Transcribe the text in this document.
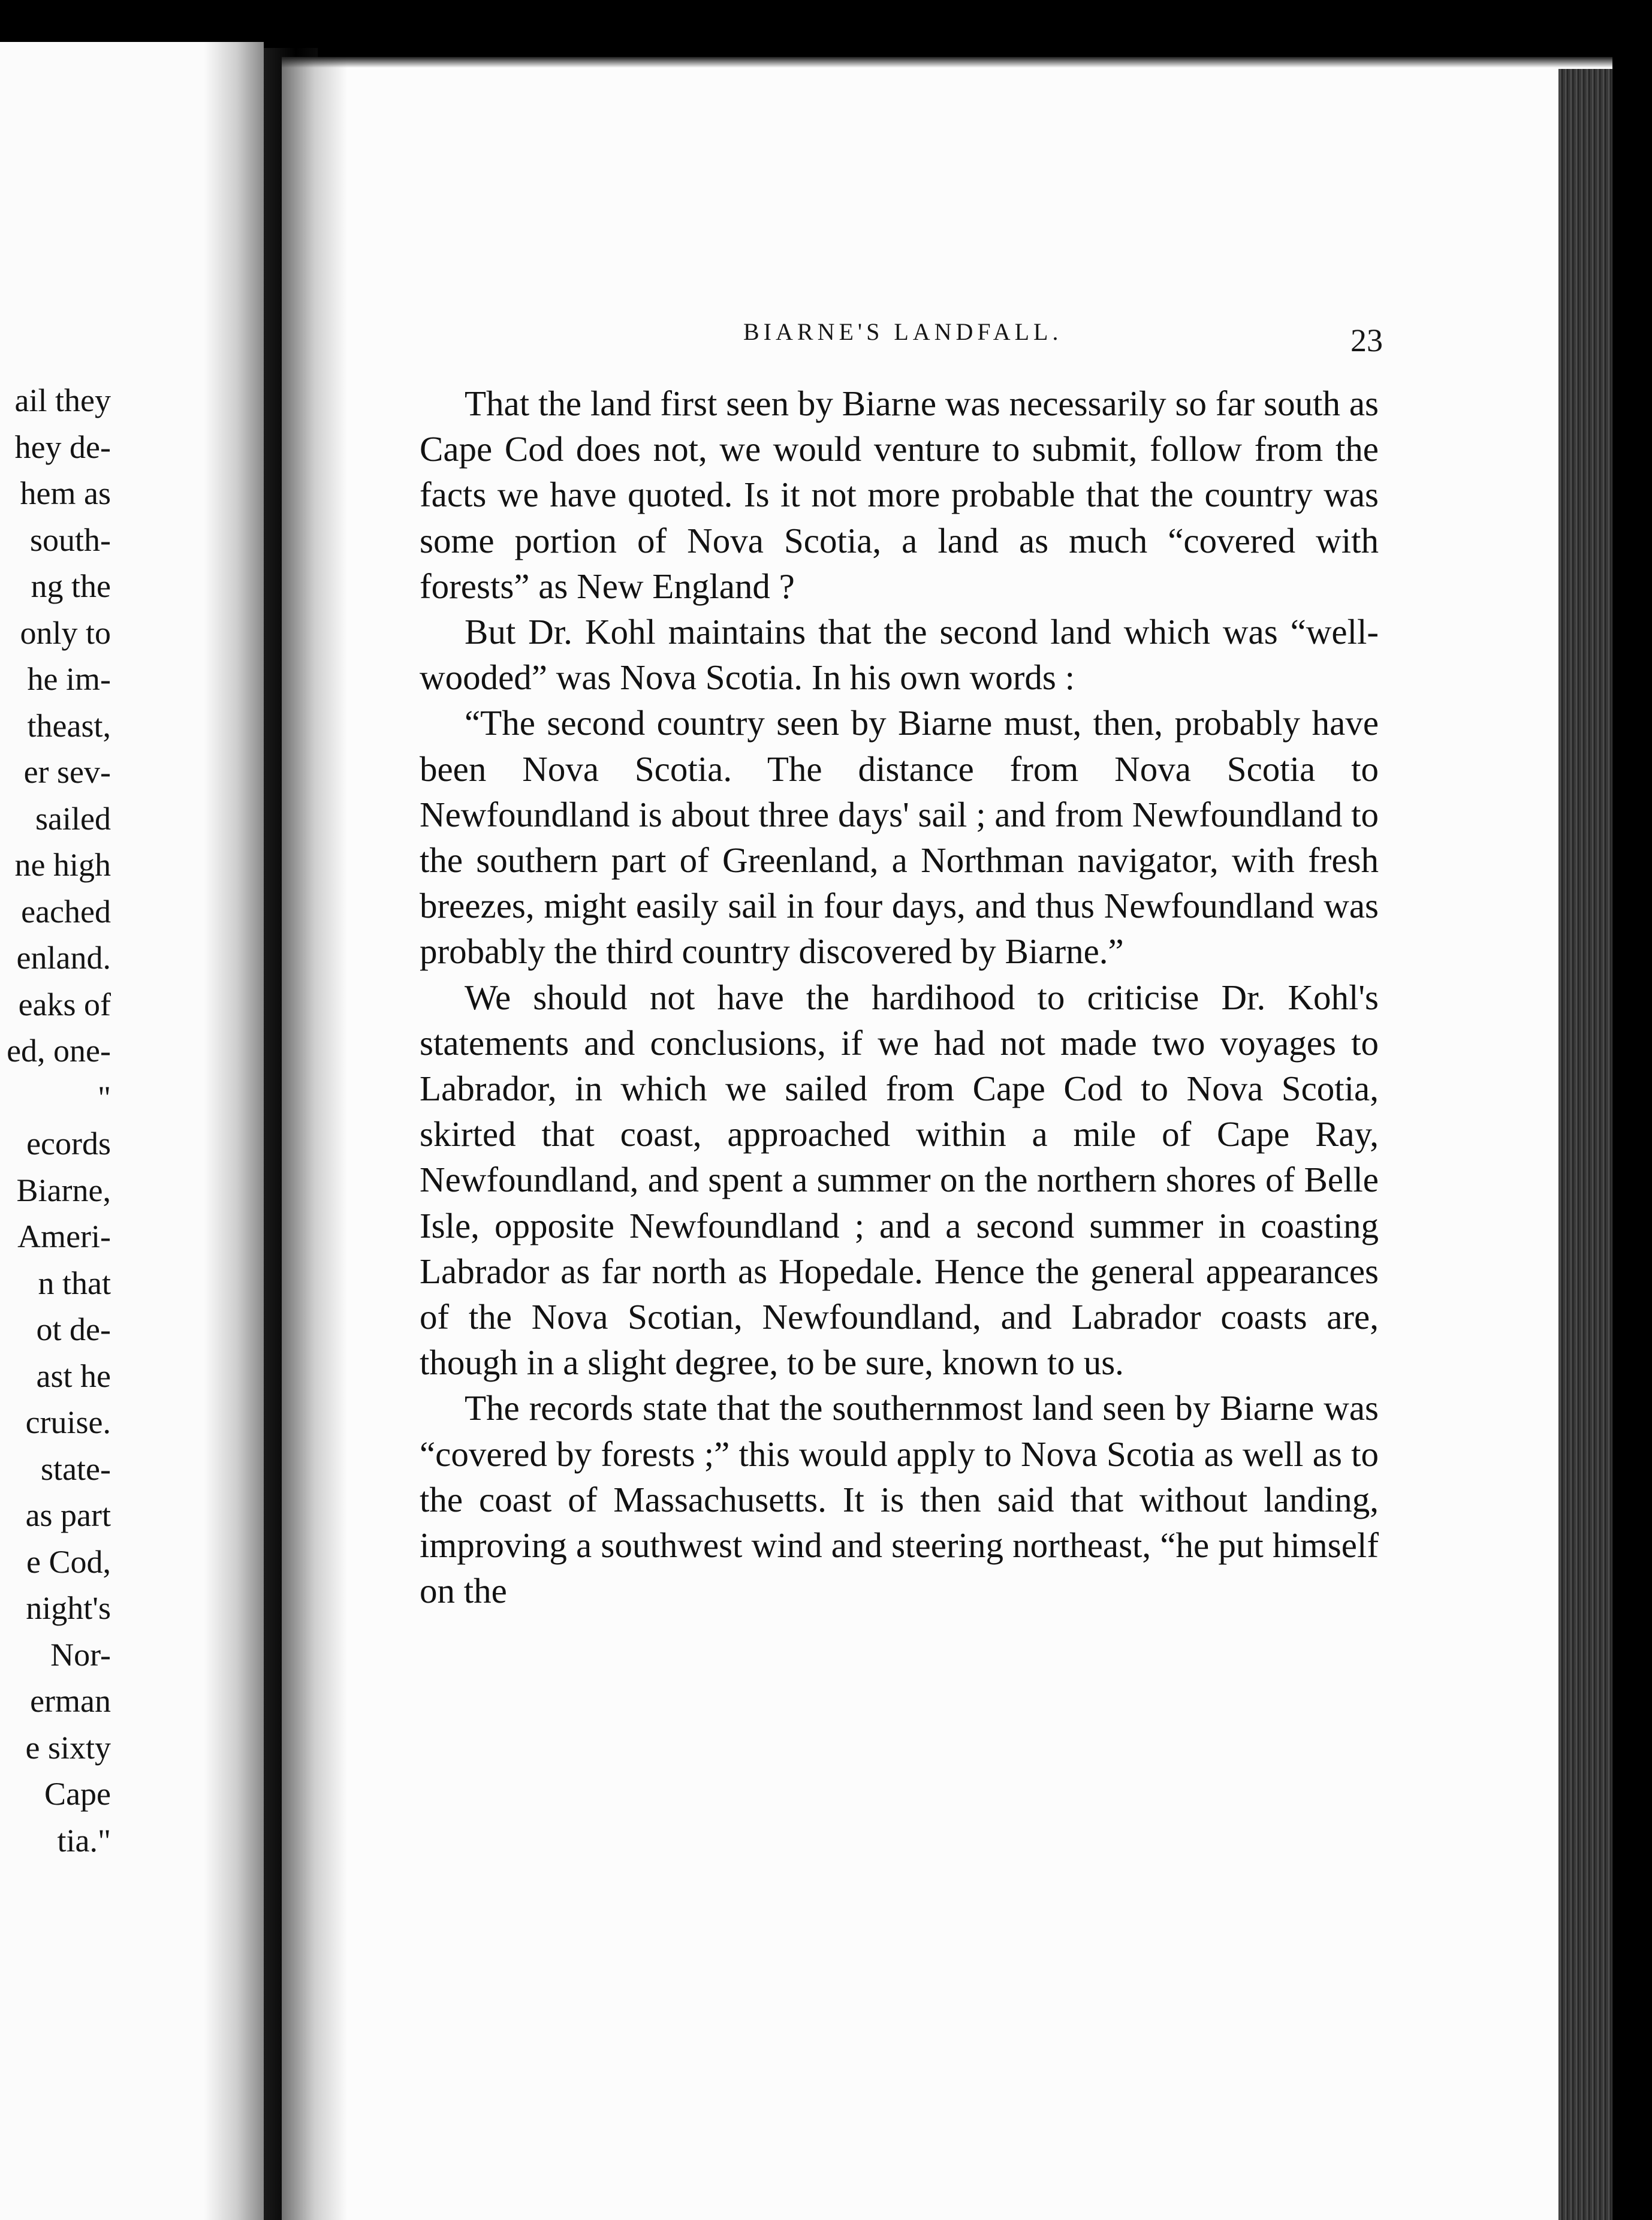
ail they
hey de-
hem as
south-
ng the
only to
he im-
theast,
er sev-
sailed
ne high
eached
enland.
eaks of
ed, one-
"
ecords
Biarne,
Ameri-
n that
ot de-
ast he
cruise.
state-
as part
e Cod,
night's
Nor-
erman
e sixty
Cape
tia."
BIARNE'S LANDFALL.	23

That the land first seen by Biarne was necessarily so far south as Cape Cod does not, we would venture to submit, follow from the facts we have quoted. Is it not more probable that the country was some portion of Nova Scotia, a land as much “covered with forests” as New England ?

But Dr. Kohl maintains that the second land which was “well-wooded” was Nova Scotia. In his own words :

“The second country seen by Biarne must, then, probably have been Nova Scotia. The distance from Nova Scotia to Newfoundland is about three days' sail ; and from Newfoundland to the southern part of Greenland, a Northman navigator, with fresh breezes, might easily sail in four days, and thus Newfoundland was probably the third country discovered by Biarne.”

We should not have the hardihood to criticise Dr. Kohl's statements and conclusions, if we had not made two voyages to Labrador, in which we sailed from Cape Cod to Nova Scotia, skirted that coast, approached within a mile of Cape Ray, Newfoundland, and spent a summer on the northern shores of Belle Isle, opposite Newfoundland ; and a second summer in coasting Labrador as far north as Hopedale. Hence the general appearances of the Nova Scotian, Newfoundland, and Labrador coasts are, though in a slight degree, to be sure, known to us.

The records state that the southernmost land seen by Biarne was “covered by forests ;” this would apply to Nova Scotia as well as to the coast of Massachusetts. It is then said that without landing, improving a southwest wind and steering northeast, “he put himself on the
